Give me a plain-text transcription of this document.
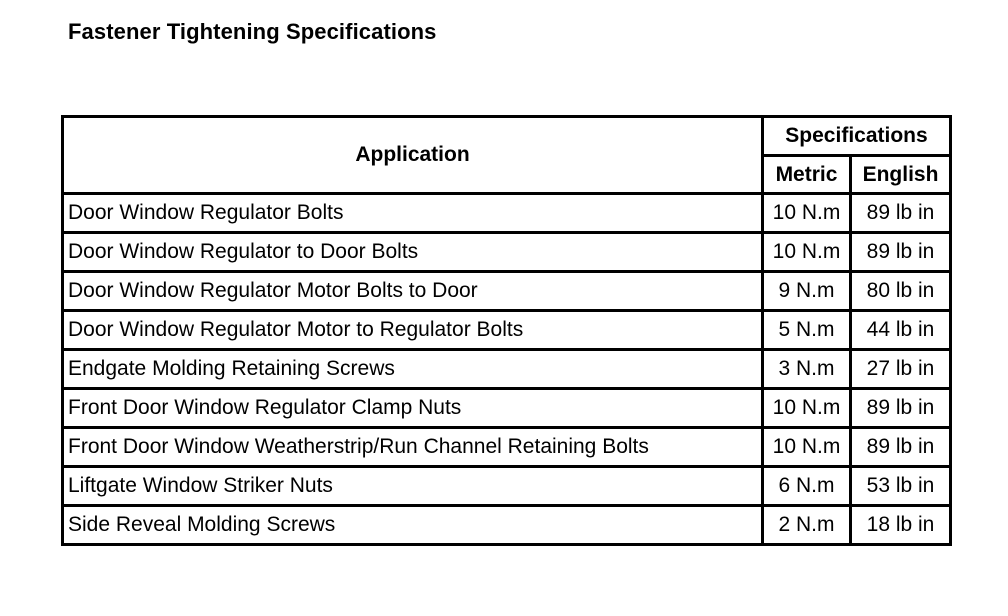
Fastener Tightening Specifications
Application	Specifications	
	Metric	English
Door Window Regulator Bolts	10 N.m	89 lb in
Door Window Regulator to Door Bolts	10 N.m	89 lb in
Door Window Regulator Motor Bolts to Door	9 N.m	80 lb in
Door Window Regulator Motor to Regulator Bolts	5 N.m	44 lb in
Endgate Molding Retaining Screws	3 N.m	27 lb in
Front Door Window Regulator Clamp Nuts	10 N.m	89 lb in
Front Door Window Weatherstrip/Run Channel Retaining Bolts	10 N.m	89 lb in
Liftgate Window Striker Nuts	6 N.m	53 lb in
Side Reveal Molding Screws	2 N.m	18 lb in
